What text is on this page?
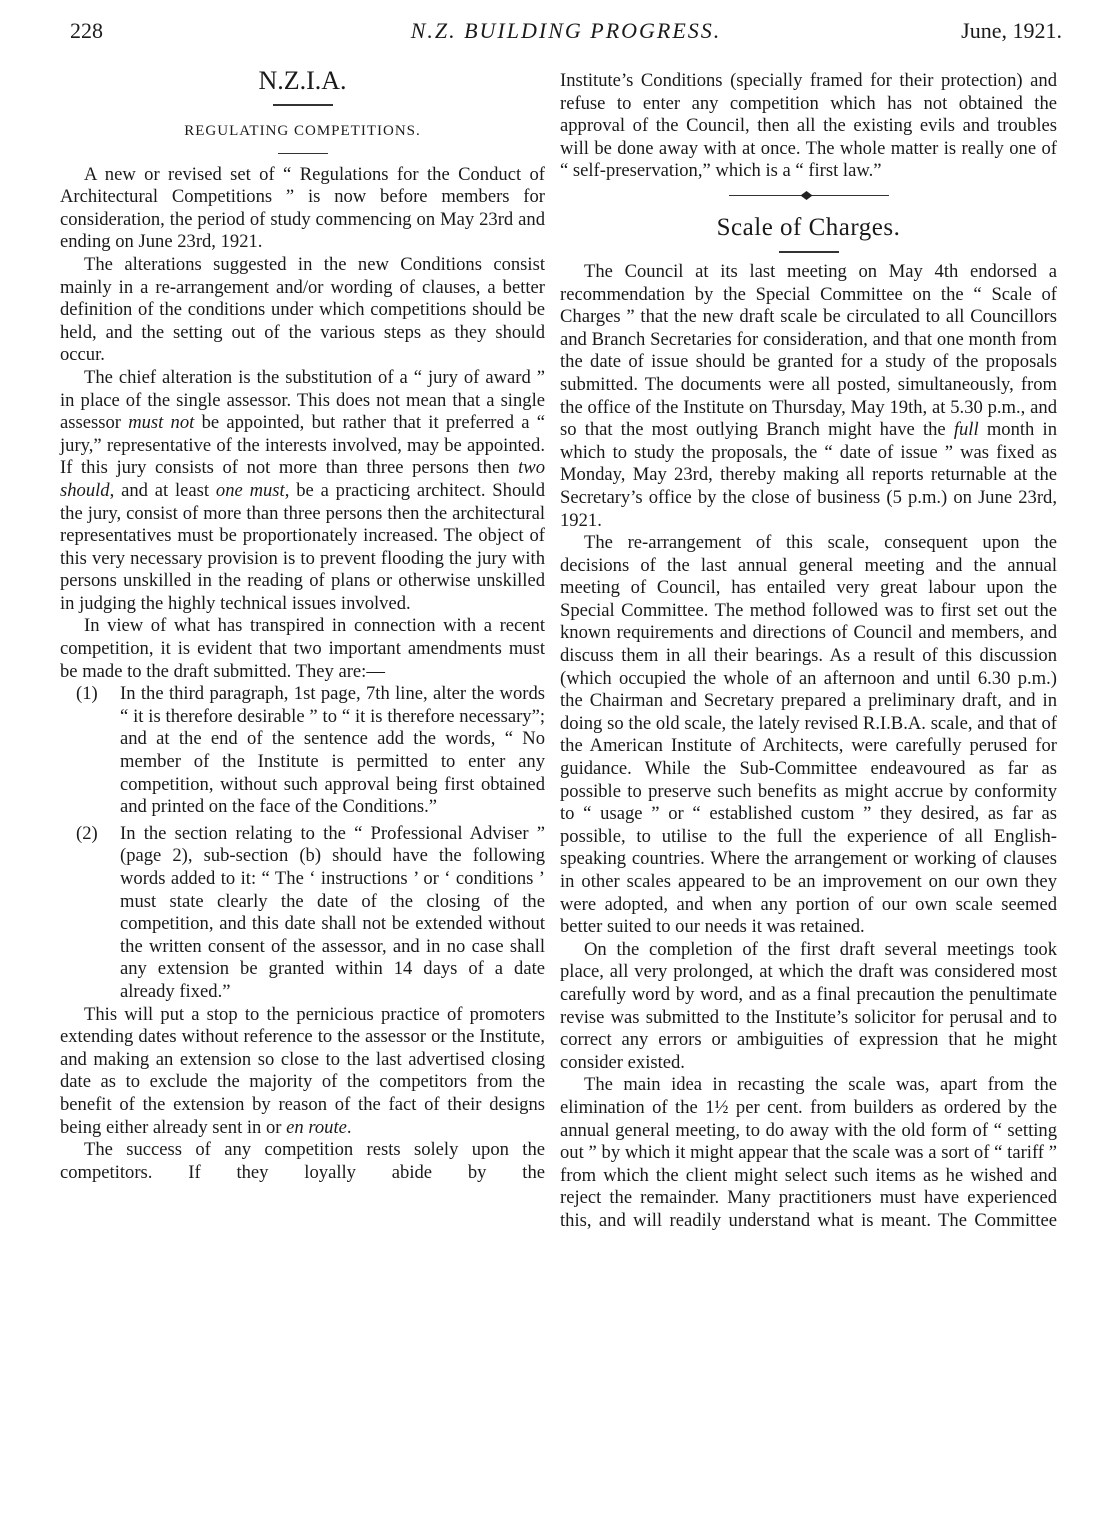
228	N.Z. BUILDING PROGRESS.	June, 1921.
N.Z.I.A.
REGULATING COMPETITIONS.

A new or revised set of “ Regulations for the Conduct of Architectural Competitions ” is now before members for consideration, the period of study commencing on May 23rd and ending on June 23rd, 1921.

The alterations suggested in the new Conditions consist mainly in a re-arrangement and/or wording of clauses, a better definition of the conditions under which competitions should be held, and the setting out of the various steps as they should occur.

The chief alteration is the substitution of a “ jury of award ” in place of the single assessor. This does not mean that a single assessor must not be appointed, but rather that it preferred a “ jury,” representative of the interests involved, may be appointed. If this jury consists of not more than three persons then two should, and at least one must, be a practicing architect. Should the jury, consist of more than three persons then the architectural representatives must be proportionately increased. The object of this very necessary provision is to prevent flooding the jury with persons unskilled in the reading of plans or otherwise unskilled in judging the highly technical issues involved.

In view of what has transpired in connection with a recent competition, it is evident that two important amendments must be made to the draft submitted. They are:—

(1) In the third paragraph, 1st page, 7th line, alter the words “ it is therefore desirable ” to “ it is therefore necessary”; and at the end of the sentence add the words, “ No member of the Institute is permitted to enter any competition, without such approval being first obtained and printed on the face of the Conditions.”

(2) In the section relating to the “ Professional Adviser ” (page 2), sub-section (b) should have the following words added to it: “ The ‘ instructions ’ or ‘ conditions ’ must state clearly the date of the closing of the competition, and this date shall not be extended without the written consent of the assessor, and in no case shall any extension be granted within 14 days of a date already fixed.”

This will put a stop to the pernicious practice of promoters extending dates without reference to the assessor or the Institute, and making an extension so close to the last advertised closing date as to exclude the majority of the competitors from the benefit of the extension by reason of the fact of their designs being either already sent in or en route.

The success of any competition rests solely upon the competitors. If they loyally abide by the

Institute’s Conditions (specially framed for their protection) and refuse to enter any competition which has not obtained the approval of the Council, then all the existing evils and troubles will be done away with at once. The whole matter is really one of “ self-preservation,” which is a “ first law.”

Scale of Charges.

The Council at its last meeting on May 4th endorsed a recommendation by the Special Committee on the “ Scale of Charges ” that the new draft scale be circulated to all Councillors and Branch Secretaries for consideration, and that one month from the date of issue should be granted for a study of the proposals submitted. The documents were all posted, simultaneously, from the office of the Institute on Thursday, May 19th, at 5.30 p.m., and so that the most outlying Branch might have the full month in which to study the proposals, the “ date of issue ” was fixed as Monday, May 23rd, thereby making all reports returnable at the Secretary’s office by the close of business (5 p.m.) on June 23rd, 1921.

The re-arrangement of this scale, consequent upon the decisions of the last annual general meeting and the annual meeting of Council, has entailed very great labour upon the Special Committee. The method followed was to first set out the known requirements and directions of Council and members, and discuss them in all their bearings. As a result of this discussion (which occupied the whole of an afternoon and until 6.30 p.m.) the Chairman and Secretary prepared a preliminary draft, and in doing so the old scale, the lately revised R.I.B.A. scale, and that of the American Institute of Architects, were carefully perused for guidance. While the Sub-Committee endeavoured as far as possible to preserve such benefits as might accrue by conformity to “ usage ” or “ established custom ” they desired, as far as possible, to utilise to the full the experience of all English-speaking countries. Where the arrangement or working of clauses in other scales appeared to be an improvement on our own they were adopted, and when any portion of our own scale seemed better suited to our needs it was retained.

On the completion of the first draft several meetings took place, all very prolonged, at which the draft was considered most carefully word by word, and as a final precaution the penultimate revise was submitted to the Institute’s solicitor for perusal and to correct any errors or ambiguities of expression that he might consider existed.

The main idea in recasting the scale was, apart from the elimination of the 1½ per cent. from builders as ordered by the annual general meeting, to do away with the old form of “ setting out ” by which it might appear that the scale was a sort of “ tariff ” from which the client might select such items as he wished and reject the remainder. Many practitioners must have experienced this, and will readily understand what is meant. The Committee
